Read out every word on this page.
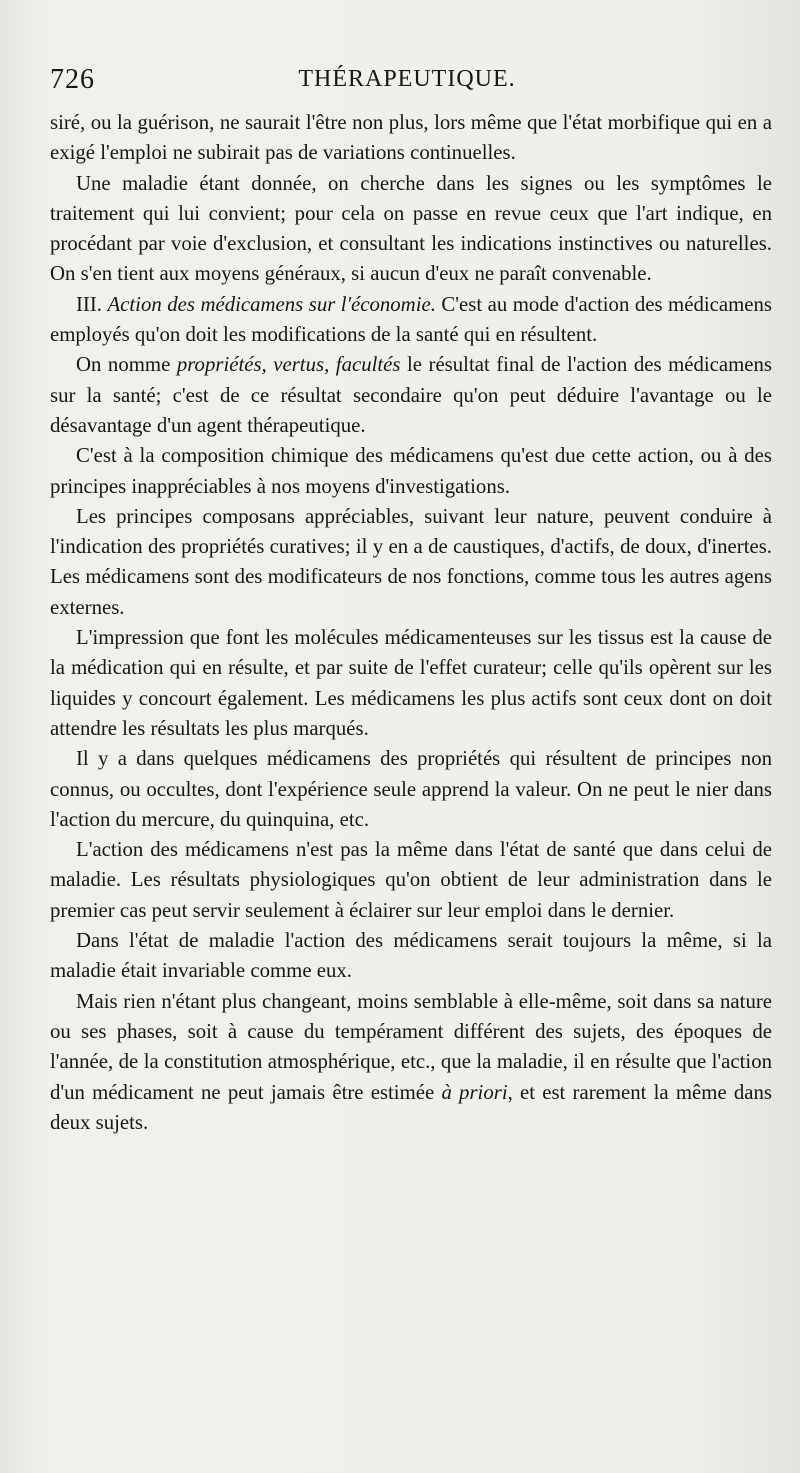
726	THÉRAPEUTIQUE.

siré, ou la guérison, ne saurait l'être non plus, lors même que l'état morbifique qui en a exigé l'emploi ne subirait pas de variations continuelles.

Une maladie étant donnée, on cherche dans les signes ou les symptômes le traitement qui lui convient; pour cela on passe en revue ceux que l'art indique, en procédant par voie d'exclusion, et consultant les indications instinctives ou naturelles. On s'en tient aux moyens généraux, si aucun d'eux ne paraît convenable.

III. Action des médicamens sur l'économie. C'est au mode d'action des médicamens employés qu'on doit les modifications de la santé qui en résultent.

On nomme propriétés, vertus, facultés le résultat final de l'action des médicamens sur la santé; c'est de ce résultat secondaire qu'on peut déduire l'avantage ou le désavantage d'un agent thérapeutique.

C'est à la composition chimique des médicamens qu'est due cette action, ou à des principes inappréciables à nos moyens d'investigations.

Les principes composans appréciables, suivant leur nature, peuvent conduire à l'indication des propriétés curatives; il y en a de caustiques, d'actifs, de doux, d'inertes. Les médicamens sont des modificateurs de nos fonctions, comme tous les autres agens externes.

L'impression que font les molécules médicamenteuses sur les tissus est la cause de la médication qui en résulte, et par suite de l'effet curateur; celle qu'ils opèrent sur les liquides y concourt également. Les médicamens les plus actifs sont ceux dont on doit attendre les résultats les plus marqués.

Il y a dans quelques médicamens des propriétés qui résultent de principes non connus, ou occultes, dont l'expérience seule apprend la valeur. On ne peut le nier dans l'action du mercure, du quinquina, etc.

L'action des médicamens n'est pas la même dans l'état de santé que dans celui de maladie. Les résultats physiologiques qu'on obtient de leur administration dans le premier cas peut servir seulement à éclairer sur leur emploi dans le dernier.

Dans l'état de maladie l'action des médicamens serait toujours la même, si la maladie était invariable comme eux.

Mais rien n'étant plus changeant, moins semblable à elle-même, soit dans sa nature ou ses phases, soit à cause du tempérament différent des sujets, des époques de l'année, de la constitution atmosphérique, etc., que la maladie, il en résulte que l'action d'un médicament ne peut jamais être estimée à priori, et est rarement la même dans deux sujets.
